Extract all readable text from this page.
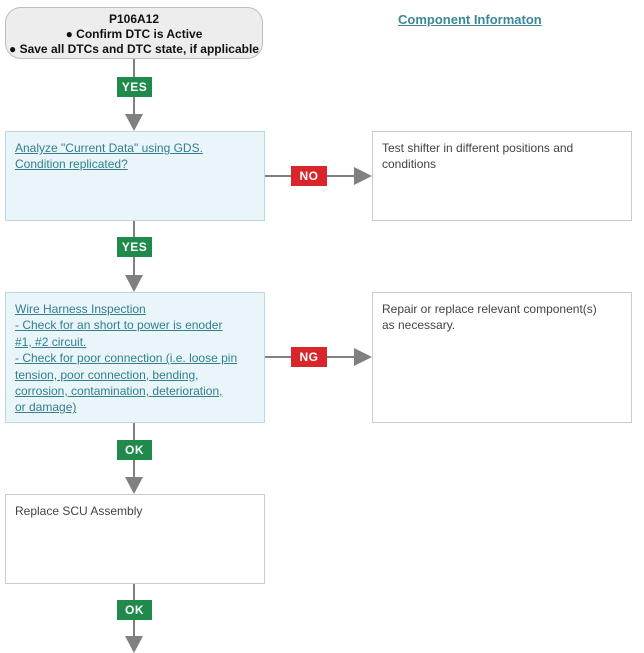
P106A12
● Confirm DTC is Active
● Save all DTCs and DTC state, if applicable
Component Informaton
YES
Analyze "Current Data" using GDS.
Condition replicated?
NO
Test shifter in different positions and
conditions
YES
Wire Harness Inspection
- Check for an short to power is enoder
#1, #2 circuit.
- Check for poor connection (i.e. loose pin
tension, poor connection, bending,
corrosion, contamination, deterioration,
or damage)
NG
Repair or replace relevant component(s)
as necessary.
OK
Replace SCU Assembly
OK
